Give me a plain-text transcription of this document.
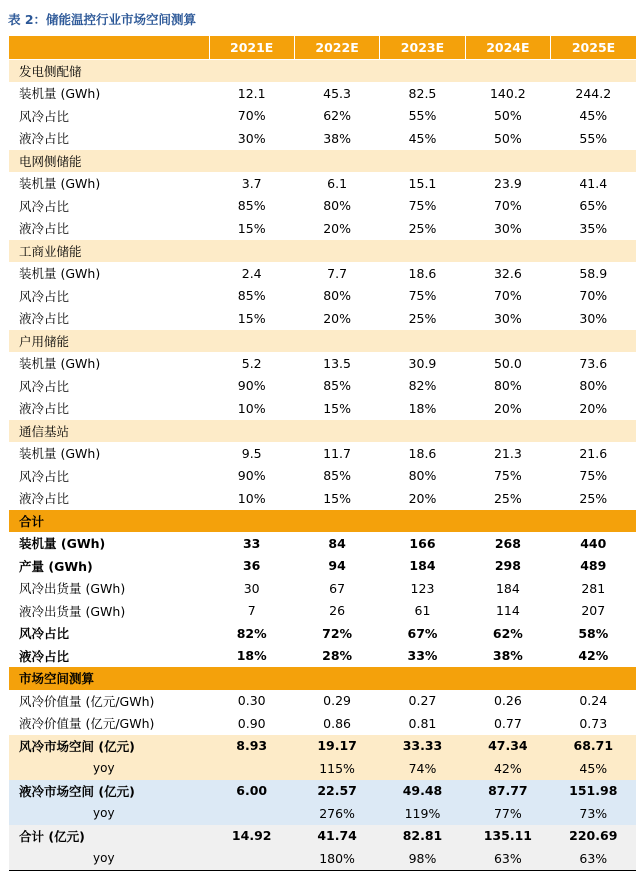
表 2：储能温控行业市场空间测算
	2021E	2022E	2023E	2024E	2025E
发电侧配储					
装机量 (GWh)	12.1	45.3	82.5	140.2	244.2
风冷占比	70%	62%	55%	50%	45%
液冷占比	30%	38%	45%	50%	55%
电网侧储能					
装机量 (GWh)	3.7	6.1	15.1	23.9	41.4
风冷占比	85%	80%	75%	70%	65%
液冷占比	15%	20%	25%	30%	35%
工商业储能					
装机量 (GWh)	2.4	7.7	18.6	32.6	58.9
风冷占比	85%	80%	75%	70%	70%
液冷占比	15%	20%	25%	30%	30%
户用储能					
装机量 (GWh)	5.2	13.5	30.9	50.0	73.6
风冷占比	90%	85%	82%	80%	80%
液冷占比	10%	15%	18%	20%	20%
通信基站					
装机量 (GWh)	9.5	11.7	18.6	21.3	21.6
风冷占比	90%	85%	80%	75%	75%
液冷占比	10%	15%	20%	25%	25%
合计					
装机量 (GWh)	33	84	166	268	440
产量 (GWh)	36	94	184	298	489
风冷出货量 (GWh)	30	67	123	184	281
液冷出货量 (GWh)	7	26	61	114	207
风冷占比	82%	72%	67%	62%	58%
液冷占比	18%	28%	33%	38%	42%
市场空间测算					
风冷价值量 (亿元/GWh)	0.30	0.29	0.27	0.26	0.24
液冷价值量 (亿元/GWh)	0.90	0.86	0.81	0.77	0.73
风冷市场空间 (亿元)	8.93	19.17	33.33	47.34	68.71
yoy		115%	74%	42%	45%
液冷市场空间 (亿元)	6.00	22.57	49.48	87.77	151.98
yoy		276%	119%	77%	73%
合计 (亿元)	14.92	41.74	82.81	135.11	220.69
yoy		180%	98%	63%	63%
